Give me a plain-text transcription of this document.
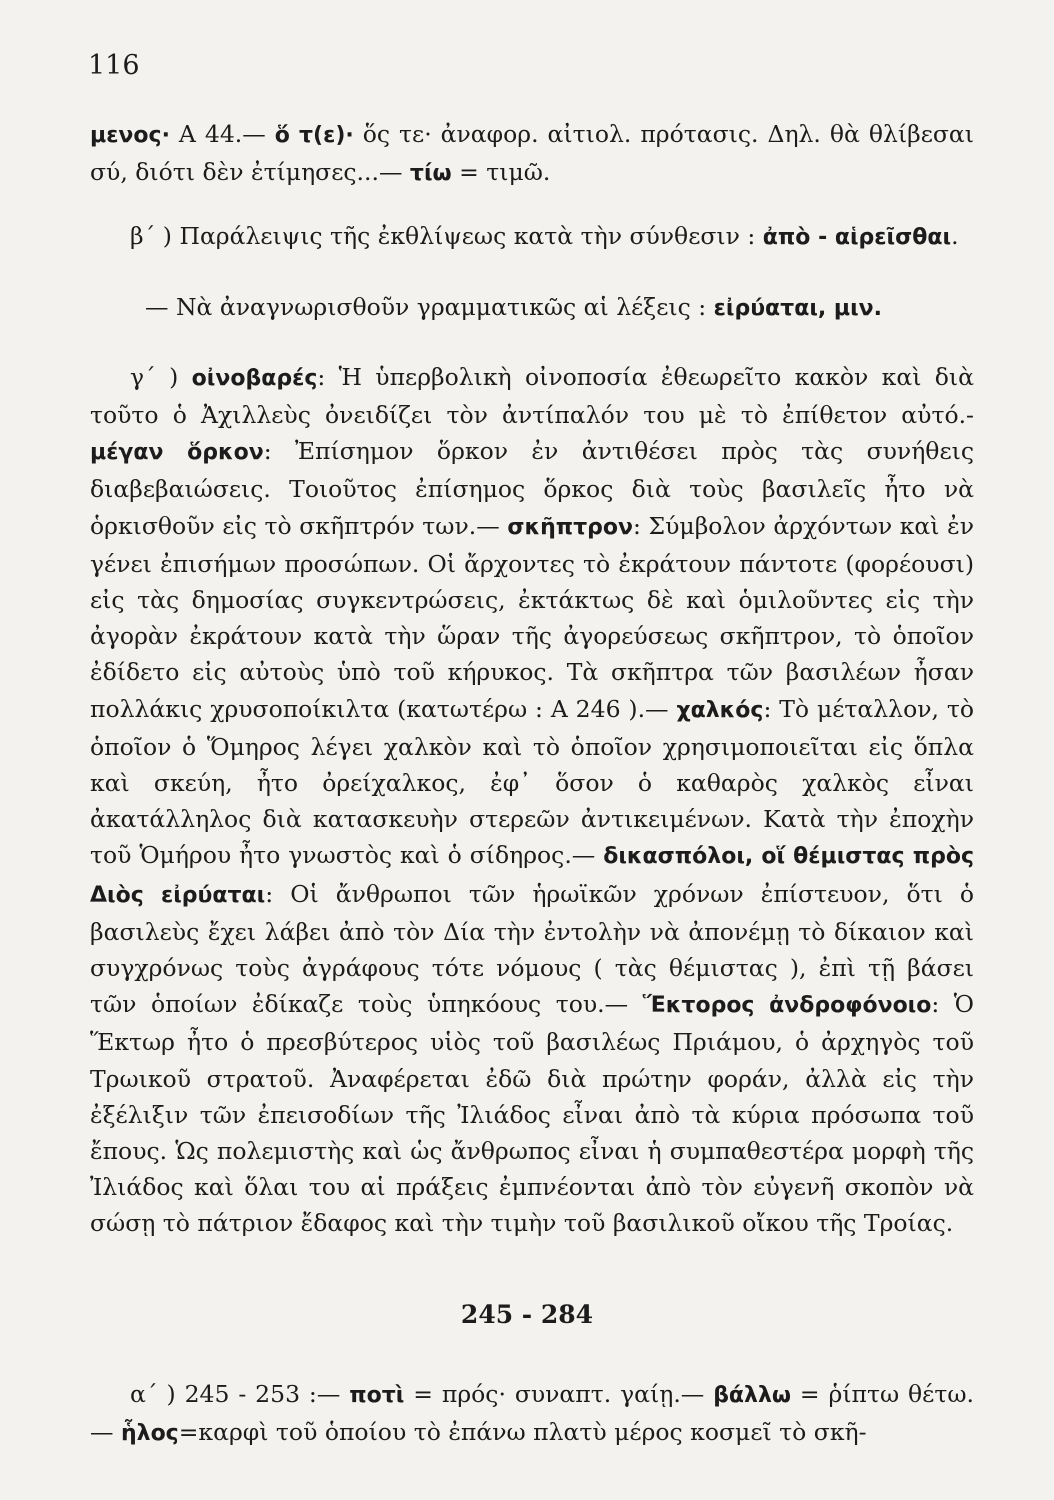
116

μενος· Α 44.— ὅ τ(ε)· ὅς τε· ἀναφορ. αἰτιολ. πρότασις. Δηλ. θὰ θλίβεσαι σύ, διότι δὲν ἐτίμησες...— τίω = τιμῶ.

β΄ ) Παράλειψις τῆς ἐκθλίψεως κατὰ τὴν σύνθεσιν : ἀπὸ - αἱρεῖσθαι.

— Νὰ ἀναγνωρισθοῦν γραμματικῶς αἱ λέξεις : εἰρύαται, μιν.

γ΄ ) οἰνοβαρές: Ἡ ὑπερβολικὴ οἰνοποσία ἐθεωρεῖτο κακὸν καὶ διὰ τοῦτο ὁ Ἀχιλλεὺς ὀνειδίζει τὸν ἀντίπαλόν του μὲ τὸ ἐπίθετον αὐτό.- μέγαν ὅρκον: Ἐπίσημον ὅρκον ἐν ἀντιθέσει πρὸς τὰς συνήθεις διαβεβαιώσεις. Τοιοῦτος ἐπίσημος ὅρκος διὰ τοὺς βασιλεῖς ἦτο νὰ ὁρκισθοῦν εἰς τὸ σκῆπτρόν των.— σκῆπτρον: Σύμβολον ἀρχόντων καὶ ἐν γένει ἐπισήμων προσώπων. Οἱ ἄρχοντες τὸ ἐκράτουν πάντοτε (φορέουσι) εἰς τὰς δημοσίας συγκεντρώσεις, ἐκτάκτως δὲ καὶ ὁμιλοῦντες εἰς τὴν ἀγορὰν ἐκράτουν κατὰ τὴν ὥραν τῆς ἀγορεύσεως σκῆπτρον, τὸ ὁποῖον ἐδίδετο εἰς αὐτοὺς ὑπὸ τοῦ κήρυκος. Τὰ σκῆπτρα τῶν βασιλέων ἦσαν πολλάκις χρυσοποίκιλτα (κατωτέρω : Α 246 ).— χαλκός: Τὸ μέταλλον, τὸ ὁποῖον ὁ Ὅμηρος λέγει χαλκὸν καὶ τὸ ὁποῖον χρησιμοποιεῖται εἰς ὅπλα καὶ σκεύη, ἦτο ὀρείχαλκος, ἐφ᾽ ὅσον ὁ καθαρὸς χαλκὸς εἶναι ἀκατάλληλος διὰ κατασκευὴν στερεῶν ἀντικειμένων. Κατὰ τὴν ἐποχὴν τοῦ Ὁμήρου ἦτο γνωστὸς καὶ ὁ σίδηρος.— δικασπόλοι, οἵ θέμιστας πρὸς Διὸς εἰρύαται: Οἱ ἄνθρωποι τῶν ἡρωϊκῶν χρόνων ἐπίστευον, ὅτι ὁ βασιλεὺς ἔχει λάβει ἀπὸ τὸν Δία τὴν ἐντολὴν νὰ ἀπονέμῃ τὸ δίκαιον καὶ συγχρόνως τοὺς ἀγράφους τότε νόμους ( τὰς θέμιστας ), ἐπὶ τῇ βάσει τῶν ὁποίων ἐδίκαζε τοὺς ὑπηκόους του.— Ἕκτορος ἀνδροφόνοιο: Ὁ Ἕκτωρ ἦτο ὁ πρεσβύτερος υἱὸς τοῦ βασιλέως Πριάμου, ὁ ἀρχηγὸς τοῦ Τρωικοῦ στρατοῦ. Ἀναφέρεται ἐδῶ διὰ πρώτην φοράν, ἀλλὰ εἰς τὴν ἐξέλιξιν τῶν ἐπεισοδίων τῆς Ἰλιάδος εἶναι ἀπὸ τὰ κύρια πρόσωπα τοῦ ἔπους. Ὡς πολεμιστὴς καὶ ὡς ἄνθρωπος εἶναι ἡ συμπαθεστέρα μορφὴ τῆς Ἰλιάδος καὶ ὅλαι του αἱ πράξεις ἐμπνέονται ἀπὸ τὸν εὐγενῆ σκοπὸν νὰ σώσῃ τὸ πάτριον ἔδαφος καὶ τὴν τιμὴν τοῦ βασιλικοῦ οἴκου τῆς Τροίας.

245 - 284

α΄ ) 245 - 253 :— ποτὶ = πρός· συναπτ. γαίῃ.— βάλλω = ῥίπτω θέτω.— ἧλος=καρφὶ τοῦ ὁποίου τὸ ἐπάνω πλατὺ μέρος κοσμεῖ τὸ σκῆ-
